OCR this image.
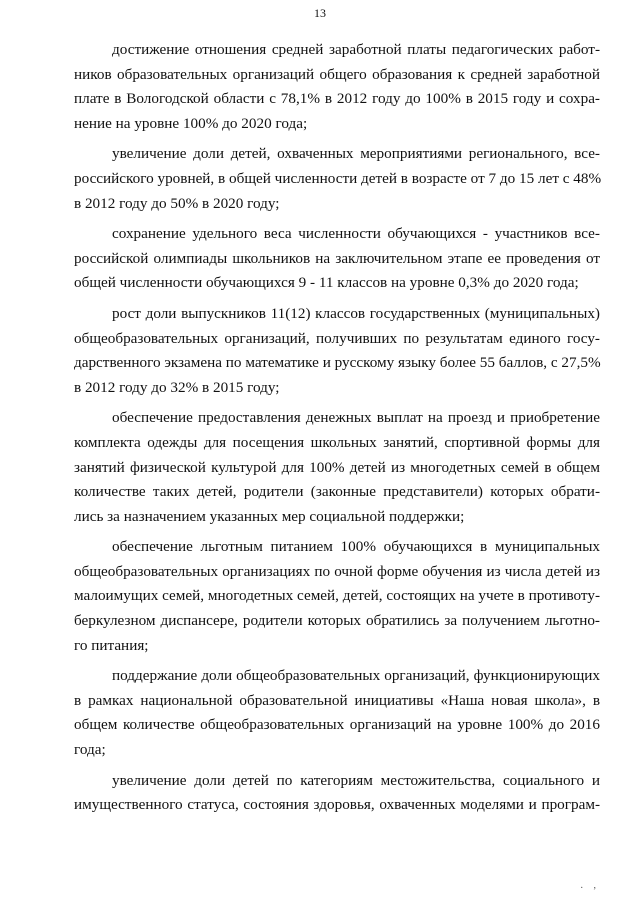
13

достижение отношения средней заработной платы педагогических работ-
ников образовательных организаций общего образования к средней заработной
плате в Вологодской области с 78,1% в 2012 году до 100% в 2015 году и сохра-
нение на уровне 100% до 2020 года;

увеличение доли детей, охваченных мероприятиями регионального, все-
российского уровней, в общей численности детей в возрасте от 7 до 15 лет с 48%
в 2012 году до 50% в 2020 году;

сохранение удельного веса численности обучающихся - участников все-
российской олимпиады школьников на заключительном этапе ее проведения от
общей численности обучающихся 9 - 11 классов на уровне 0,3% до 2020 года;

рост доли выпускников 11(12) классов государственных (муниципальных)
общеобразовательных организаций, получивших по результатам единого госу-
дарственного экзамена по математике и русскому языку более 55 баллов, с 27,5%
в 2012 году до 32% в 2015 году;

обеспечение предоставления денежных выплат на проезд и приобретение
комплекта одежды для посещения школьных занятий, спортивной формы для
занятий физической культурой для 100% детей из многодетных семей в общем
количестве таких детей, родители (законные представители) которых обрати-
лись за назначением указанных мер социальной поддержки;

обеспечение льготным питанием 100% обучающихся в муниципальных
общеобразовательных организациях по очной форме обучения из числа детей из
малоимущих семей, многодетных семей, детей, состоящих на учете в противоту-
беркулезном диспансере, родители которых обратились за получением льготно-
го питания;

поддержание доли общеобразовательных организаций, функционирующих
в рамках национальной образовательной инициативы «Наша новая школа», в
общем количестве общеобразовательных организаций на уровне 100% до 2016
года;

увеличение доли детей по категориям местожительства, социального и
имущественного статуса, состояния здоровья, охваченных моделями и програм-

. ,
